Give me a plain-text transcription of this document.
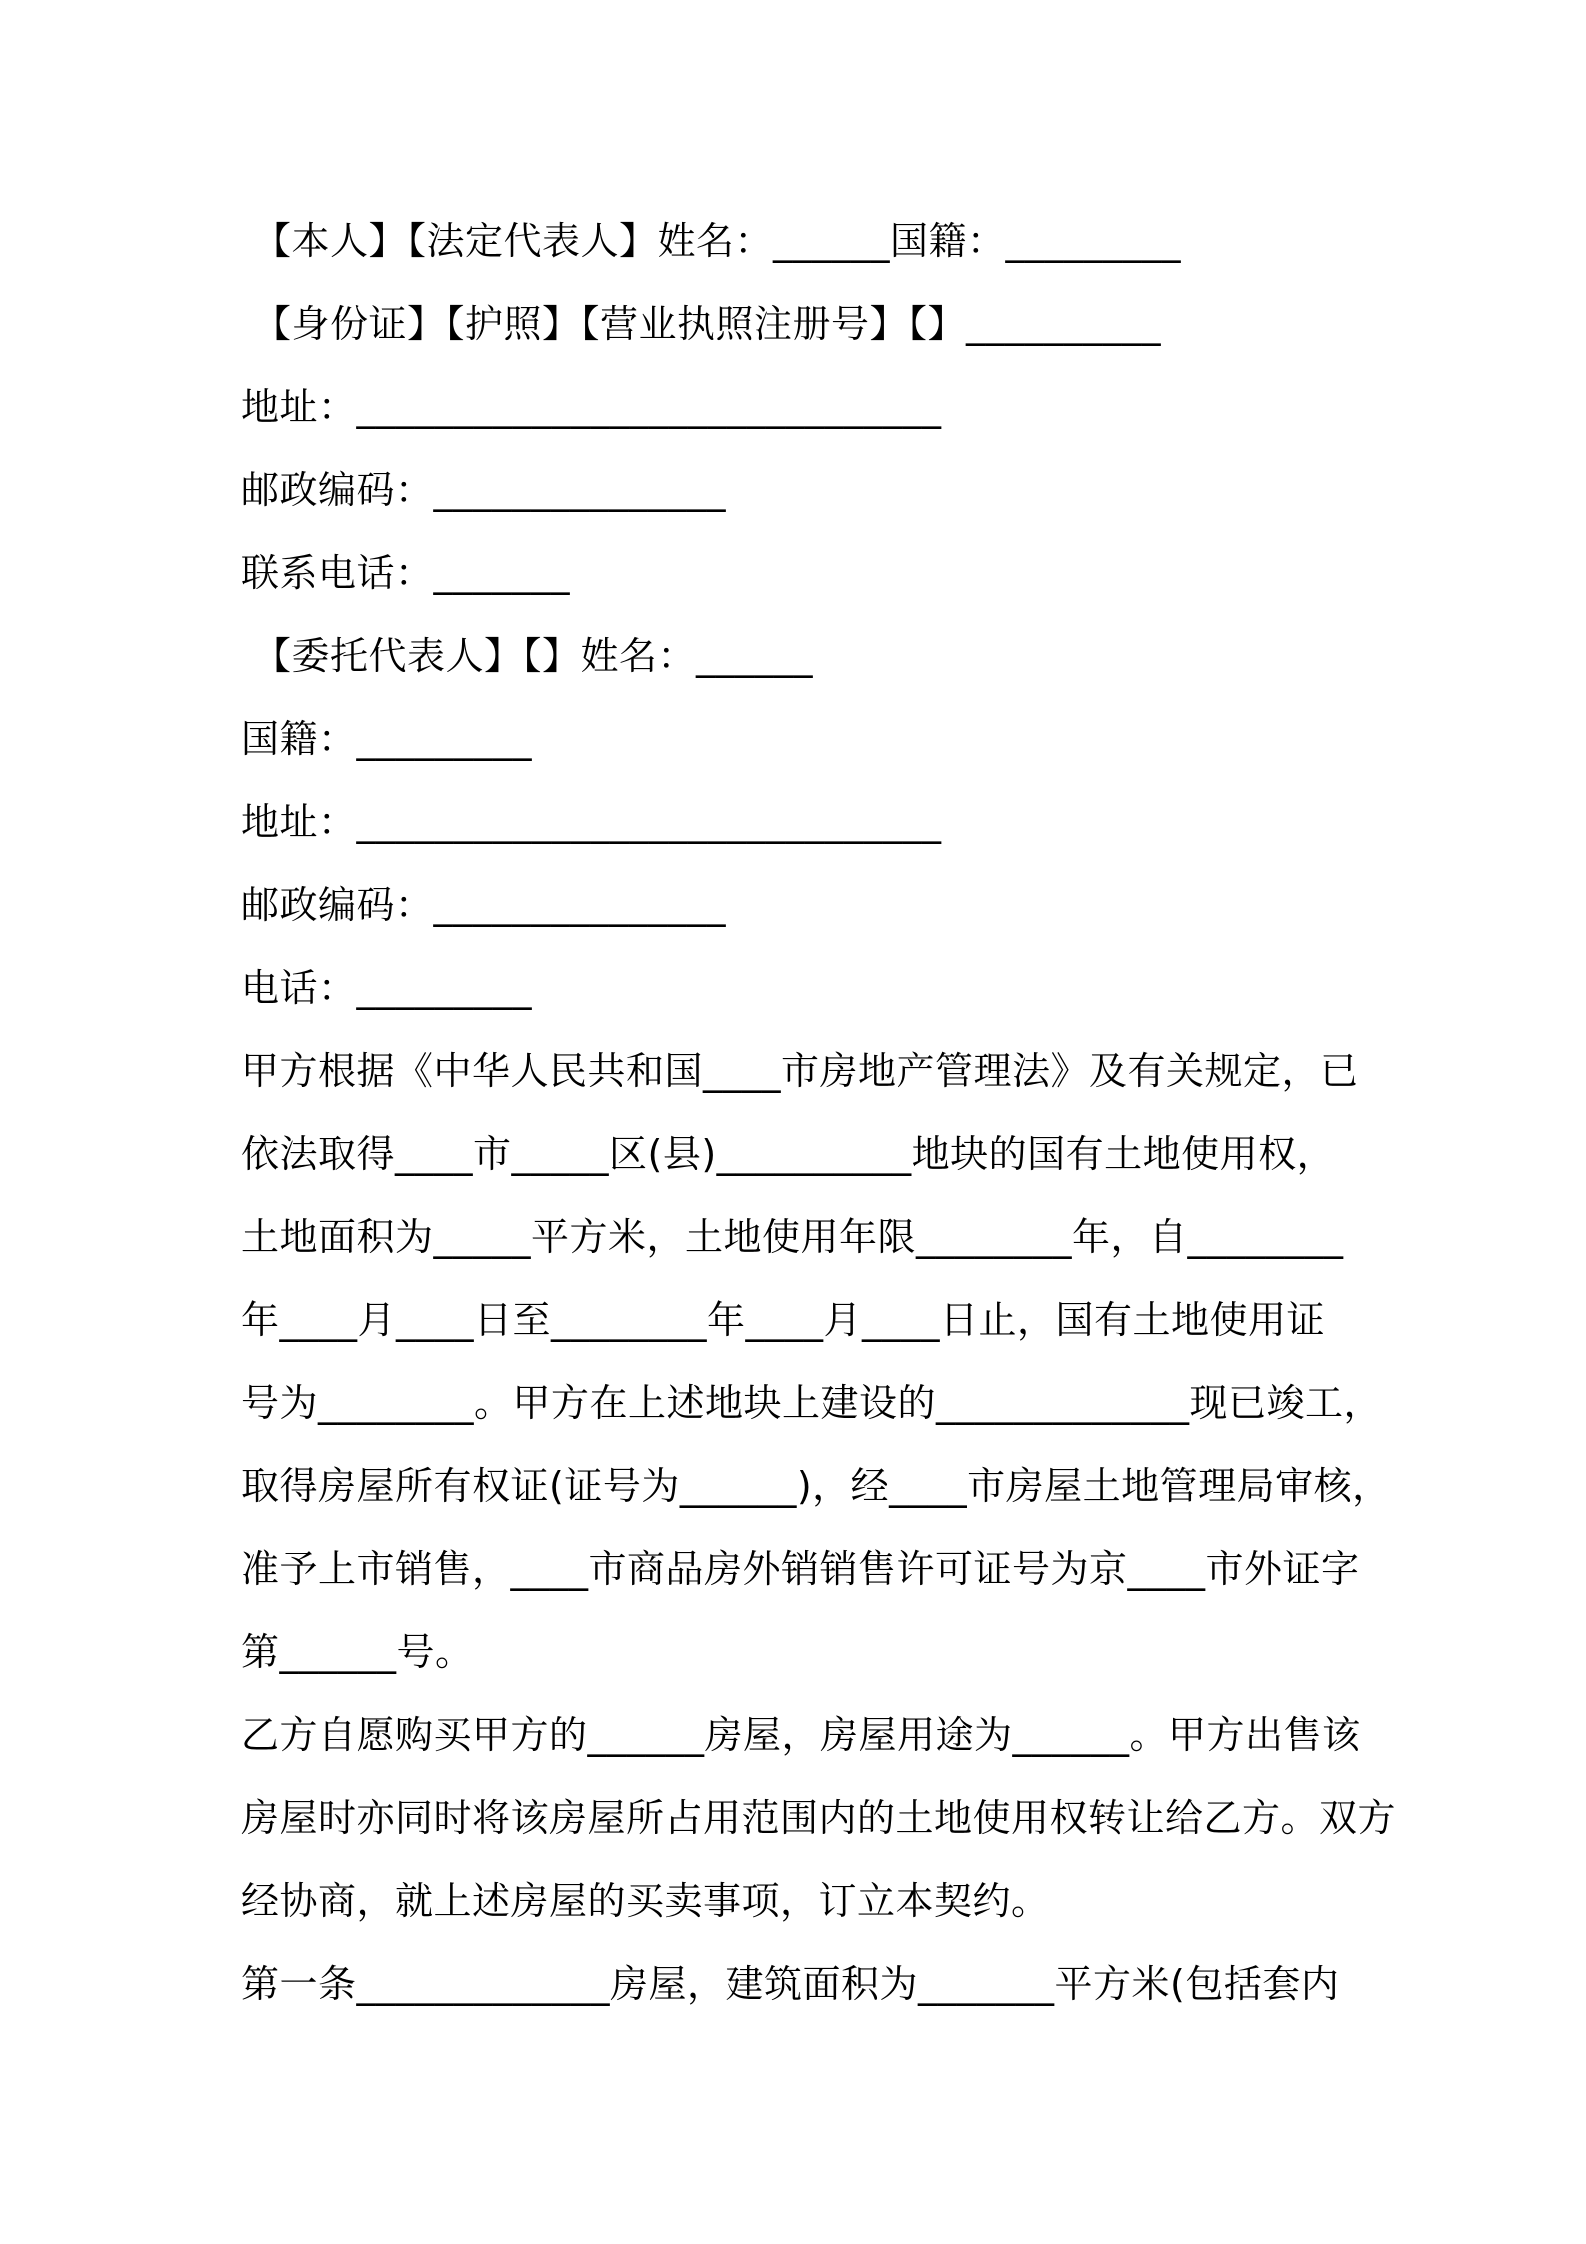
【本人】【法定代表人】姓名：______国籍：_________
【身份证】【护照】【营业执照注册号】【】__________
地址：______________________________
邮政编码：_______________
联系电话：_______
【委托代表人】【】姓名：______
国籍：_________
地址：______________________________
邮政编码：_______________
电话：_________
甲方根据《中华人民共和国____市房地产管理法》及有关规定，已
依法取得____市_____区(县)__________地块的国有土地使用权，
土地面积为_____平方米，土地使用年限________年，自________
年____月____日至________年____月____日止，国有土地使用证
号为________。甲方在上述地块上建设的_____________现已竣工，
取得房屋所有权证(证号为______)，经____市房屋土地管理局审核，
准予上市销售，____市商品房外销销售许可证号为京____市外证字
第______号。
乙方自愿购买甲方的______房屋，房屋用途为______。甲方出售该
房屋时亦同时将该房屋所占用范围内的土地使用权转让给乙方。双方
经协商，就上述房屋的买卖事项，订立本契约。
第一条_____________房屋，建筑面积为_______平方米(包括套内
